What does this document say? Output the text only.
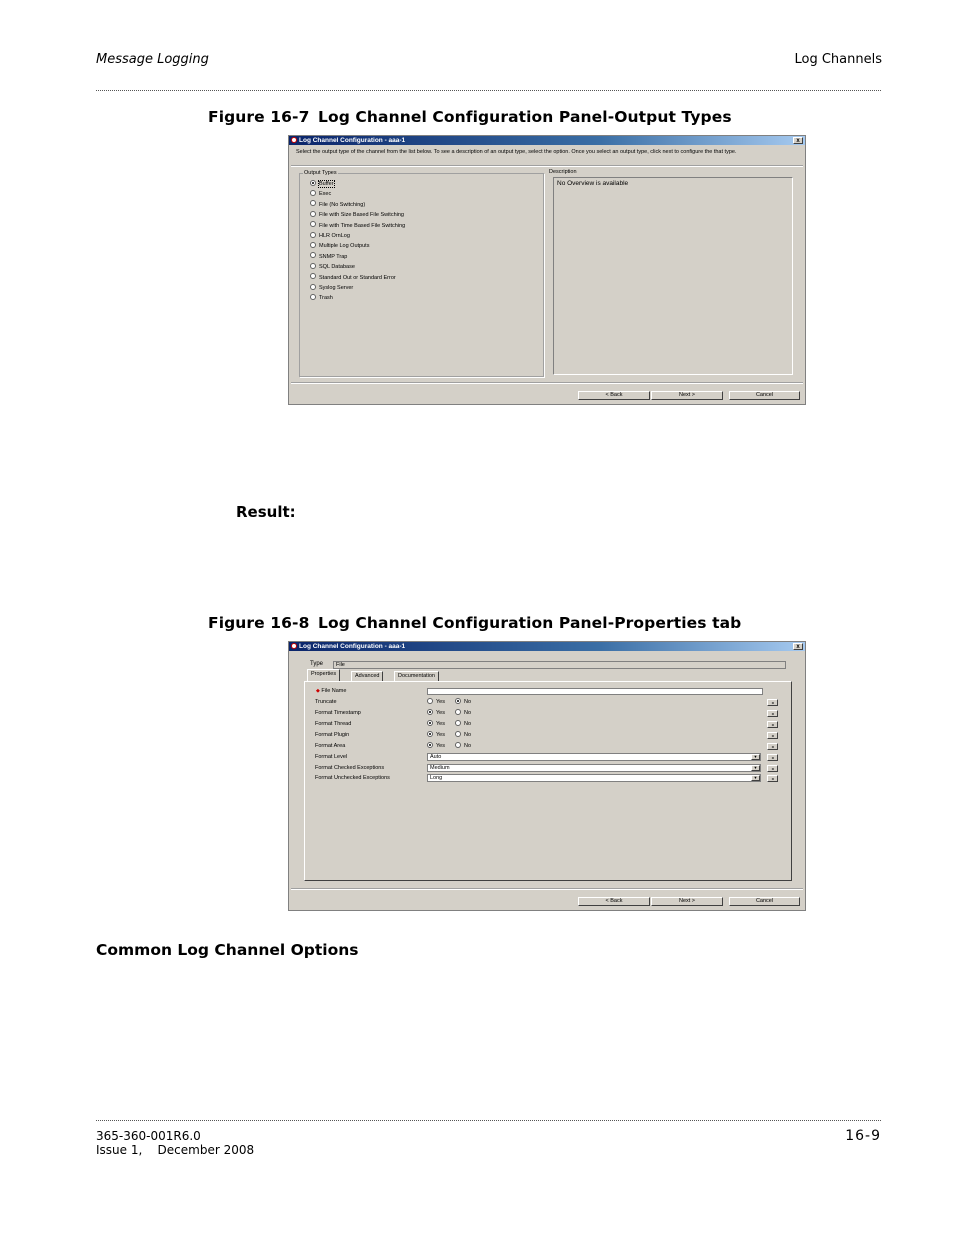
Message Logging	Log Channels
Figure 16-7 Log Channel Configuration Panel-Output Types
Log Channel Configuration - aaa-1	x
Select the output type of the channel from the list below. To see a description of an output type, select the option. Once you select an output type, click next to configure the that type.
Output Types
Buffer
Exec
File (No Switching)
File with Size Based File Switching
File with Time Based File Switching
HLR OrnLog
Multiple Log Outputs
SNMP Trap
SQL Database
Standard Out or Standard Error
Syslog Server
Trash
Description
No Overview is available
< Back	Next >	Cancel
Result:
Figure 16-8 Log Channel Configuration Panel-Properties tab
Log Channel Configuration - aaa-1	x
Type	File
Properties	Advanced	Documentation
◆ File Name
Truncate	Yes	No	◂
Format Timestamp	Yes	No	◂
Format Thread	Yes	No	◂
Format Plugin	Yes	No	◂
Format Area	Yes	No	◂
Format Level	Auto	▼	◂
Format Checked Exceptions	Medium	▼	◂
Format Unchecked Exceptions	Long	▼	◂
< Back	Next >	Cancel
Common Log Channel Options
365-360-001R6.0
Issue 1,    December 2008
16-9
